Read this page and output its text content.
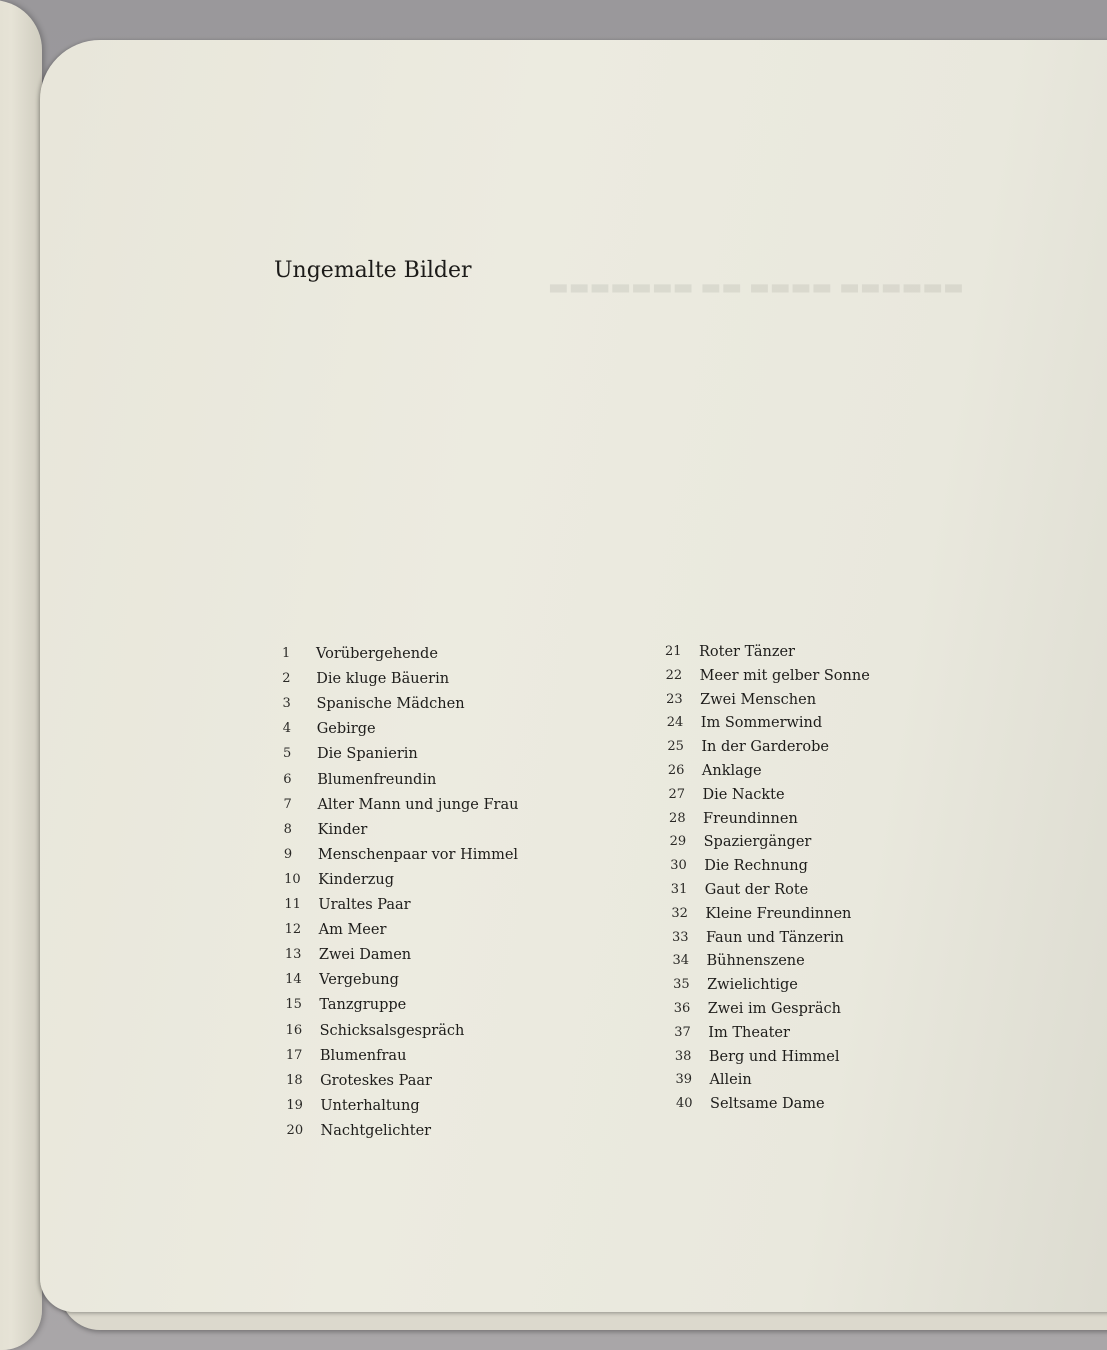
▬▬▬▬▬▬ ▬▬▬▬ ▬▬ ▬▬▬▬▬▬▬
Ungemalte Bilder
1	Vorübergehende
2	Die kluge Bäuerin
3	Spanische Mädchen
4	Gebirge
5	Die Spanierin
6	Blumenfreundin
7	Alter Mann und junge Frau
8	Kinder
9	Menschenpaar vor Himmel
10	Kinderzug
11	Uraltes Paar
12	Am Meer
13	Zwei Damen
14	Vergebung
15	Tanzgruppe
16	Schicksalsgespräch
17	Blumenfrau
18	Groteskes Paar
19	Unterhaltung
20	Nachtgelichter
21	Roter Tänzer
22	Meer mit gelber Sonne
23	Zwei Menschen
24	Im Sommerwind
25	In der Garderobe
26	Anklage
27	Die Nackte
28	Freundinnen
29	Spaziergänger
30	Die Rechnung
31	Gaut der Rote
32	Kleine Freundinnen
33	Faun und Tänzerin
34	Bühnenszene
35	Zwielichtige
36	Zwei im Gespräch
37	Im Theater
38	Berg und Himmel
39	Allein
40	Seltsame Dame
